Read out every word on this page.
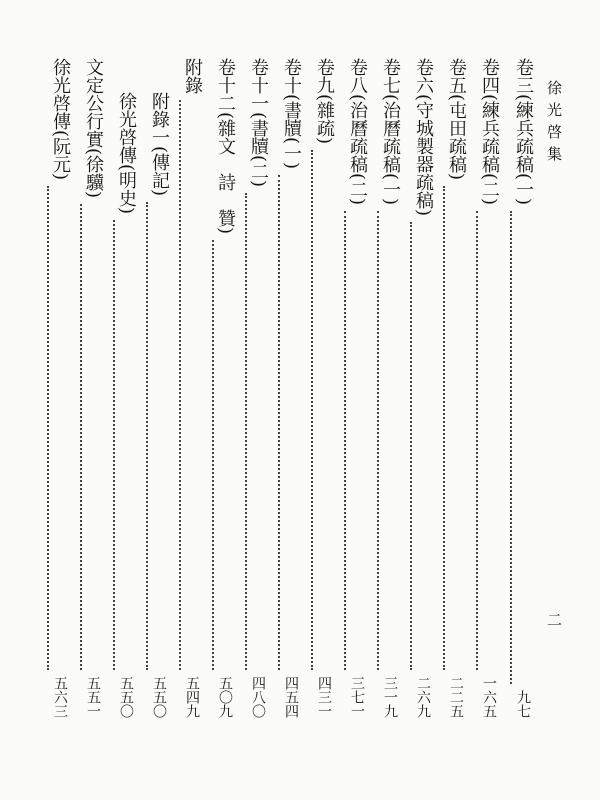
徐光啓集
二
卷三(練兵疏稿(一)
九七
卷四(練兵疏稿(二)
一六五
卷五(屯田疏稿)
二二五
卷六(守城製器疏稿)
二六九
卷七(治曆疏稿(一)
三一九
卷八(治曆疏稿(二)
三七一
卷九(雜疏)
四三一
卷十(書牘(一)
四五四
卷十一(書牘(二)
四八〇
卷十二(雜文　詩　贊)
五〇九
附錄
五四九
附錄一(傳記)
五五〇
徐光啓傳(明史)
五五〇
文定公行實(徐驥)
五五一
徐光啓傳(阮元)
五六三
